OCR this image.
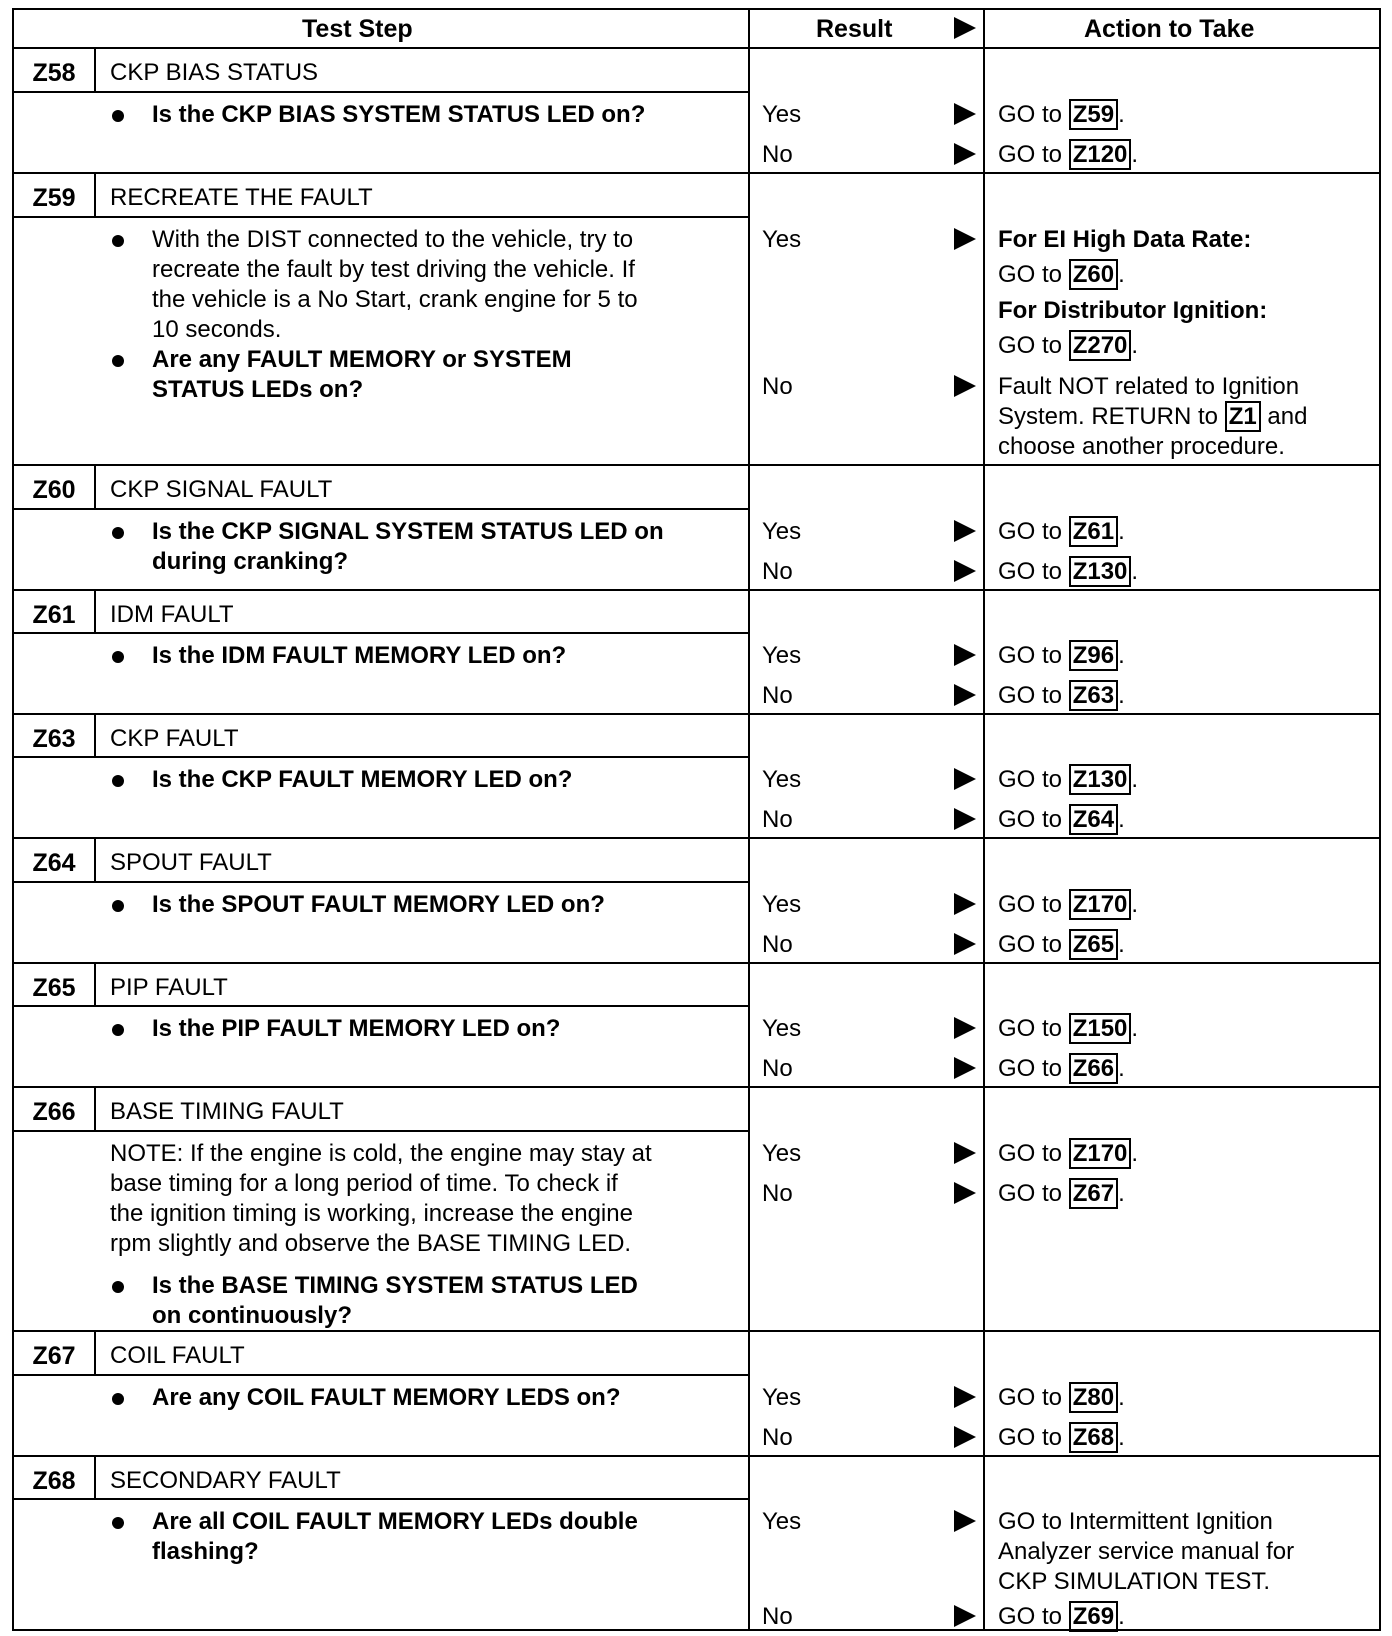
Test Step	Result	Action to Take
Z58	CKP BIAS STATUS
Is the CKP BIAS SYSTEM STATUS LED on?	Yes	GO to Z59 .
No	GO to Z120 .
Z59	RECREATE THE FAULT
With the DIST connected to the vehicle, try to
recreate the fault by test driving the vehicle. If
the vehicle is a No Start, crank engine for 5 to
10 seconds.
Are any FAULT MEMORY or SYSTEM
STATUS LEDs on?
Yes	For EI High Data Rate:
GO to Z60 .
For Distributor Ignition:
GO to Z270 .
No	Fault NOT related to Ignition
System. RETURN to Z1 and
choose another procedure.
Z60	CKP SIGNAL FAULT
Is the CKP SIGNAL SYSTEM STATUS LED on
during cranking?
Yes	GO to Z61 .
No	GO to Z130 .
Z61	IDM FAULT
Is the IDM FAULT MEMORY LED on?	Yes	GO to Z96 .
No	GO to Z63 .
Z63	CKP FAULT
Is the CKP FAULT MEMORY LED on?	Yes	GO to Z130 .
No	GO to Z64 .
Z64	SPOUT FAULT
Is the SPOUT FAULT MEMORY LED on?	Yes	GO to Z170 .
No	GO to Z65 .
Z65	PIP FAULT
Is the PIP FAULT MEMORY LED on?	Yes	GO to Z150 .
No	GO to Z66 .
Z66	BASE TIMING FAULT
NOTE: If the engine is cold, the engine may stay at
base timing for a long period of time. To check if
the ignition timing is working, increase the engine
rpm slightly and observe the BASE TIMING LED.
Is the BASE TIMING SYSTEM STATUS LED
on continuously?
Yes	GO to Z170 .
No	GO to Z67 .
Z67	COIL FAULT
Are any COIL FAULT MEMORY LEDS on?	Yes	GO to Z80 .
No	GO to Z68 .
Z68	SECONDARY FAULT
Are all COIL FAULT MEMORY LEDs double
flashing?
Yes	GO to Intermittent Ignition
Analyzer service manual for
CKP SIMULATION TEST.
No	GO to Z69 .
